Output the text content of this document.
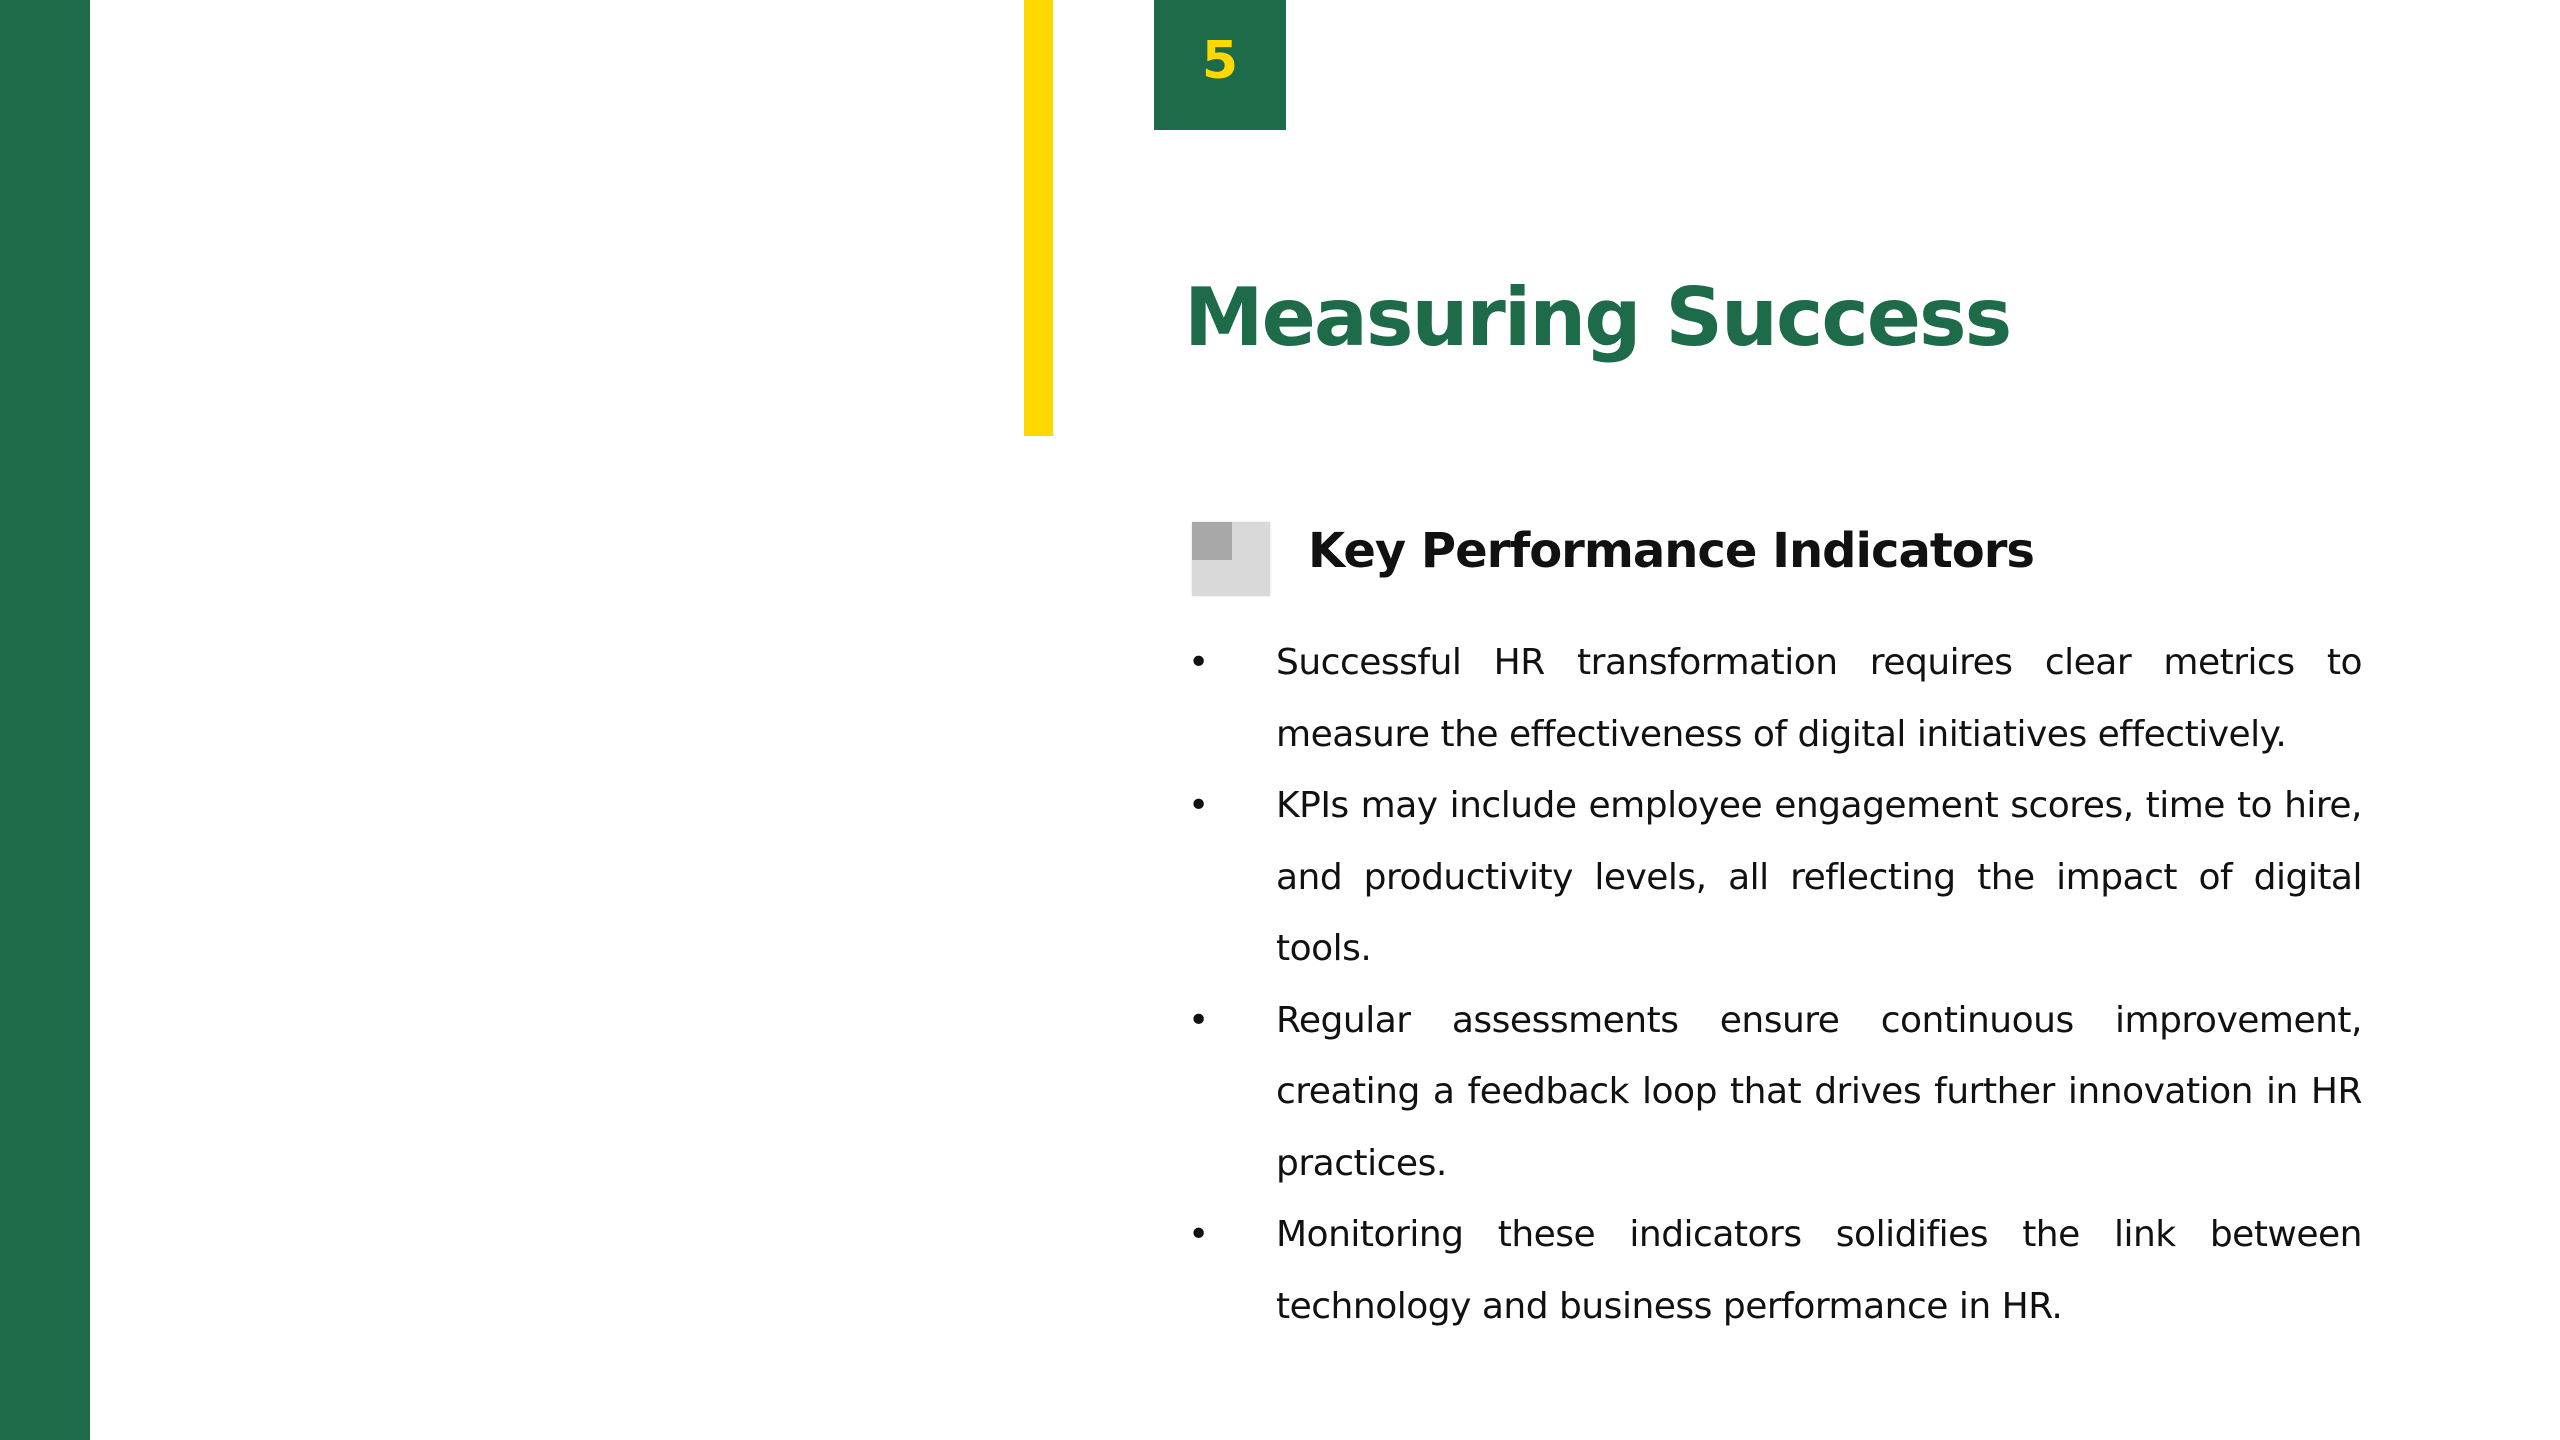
5
Measuring Success
Key Performance Indicators
• Successful HR transformation requires clear metrics to measure the effectiveness of digital initiatives effectively.
• KPIs may include employee engagement scores, time to hire, and productivity levels, all reflecting the impact of digital tools.
• Regular assessments ensure continuous improvement, creating a feedback loop that drives further innovation in HR practices.
• Monitoring these indicators solidifies the link between technology and business performance in HR.
